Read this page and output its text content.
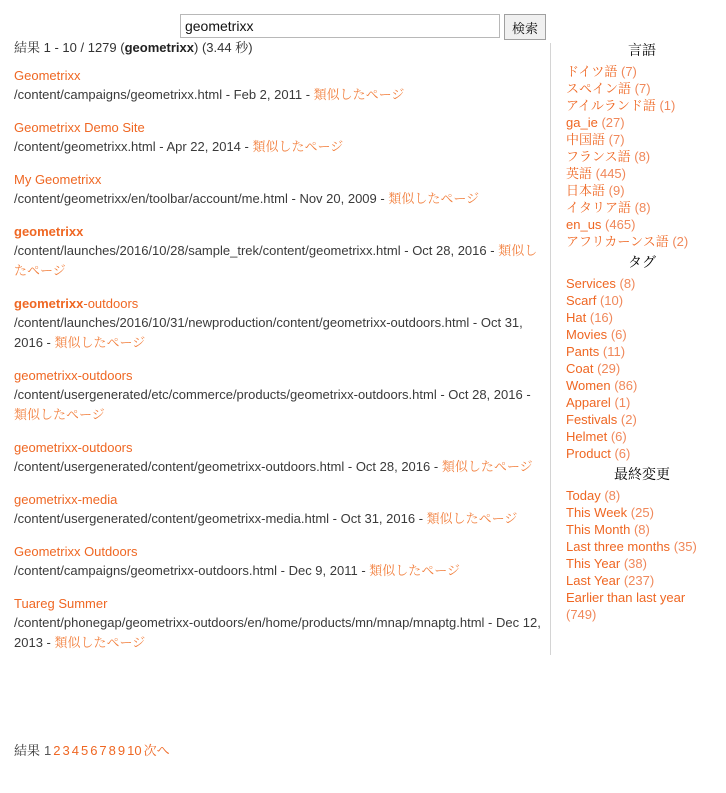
geometrixx
検索
結果 1 - 10 / 1279 (geometrixx) (3.44 秒)
Geometrixx
/content/campaigns/geometrixx.html - Feb 2, 2011 - 類似したページ
Geometrixx Demo Site
/content/geometrixx.html - Apr 22, 2014 - 類似したページ
My Geometrixx
/content/geometrixx/en/toolbar/account/me.html - Nov 20, 2009 - 類似したページ
geometrixx
/content/launches/2016/10/28/sample_trek/content/geometrixx.html - Oct 28, 2016 - 類似したページ
geometrixx-outdoors
/content/launches/2016/10/31/newproduction/content/geometrixx-outdoors.html - Oct 31, 2016 - 類似したページ
geometrixx-outdoors
/content/usergenerated/etc/commerce/products/geometrixx-outdoors.html - Oct 28, 2016 - 類似したページ
geometrixx-outdoors
/content/usergenerated/content/geometrixx-outdoors.html - Oct 28, 2016 - 類似したページ
geometrixx-media
/content/usergenerated/content/geometrixx-media.html - Oct 31, 2016 - 類似したページ
Geometrixx Outdoors
/content/campaigns/geometrixx-outdoors.html - Dec 9, 2011 - 類似したページ
Tuareg Summer
/content/phonegap/geometrixx-outdoors/en/home/products/mn/mnap/mnaptg.html - Dec 12, 2013 - 類似したページ
言語
ドイツ語 (7)
スペイン語 (7)
アイルランド語 (1)
ga_ie (27)
中国語 (7)
フランス語 (8)
英語 (445)
日本語 (9)
イタリア語 (8)
en_us (465)
アフリカーンス語 (2)
タグ
Services (8)
Scarf (10)
Hat (16)
Movies (6)
Pants (11)
Coat (29)
Women (86)
Apparel (1)
Festivals (2)
Helmet (6)
Product (6)
最終変更
Today (8)
This Week (25)
This Month (8)
Last three months (35)
This Year (38)
Last Year (237)
Earlier than last year (749)
結果 1 2 3 4 5 6 7 8 9 10 次へ
